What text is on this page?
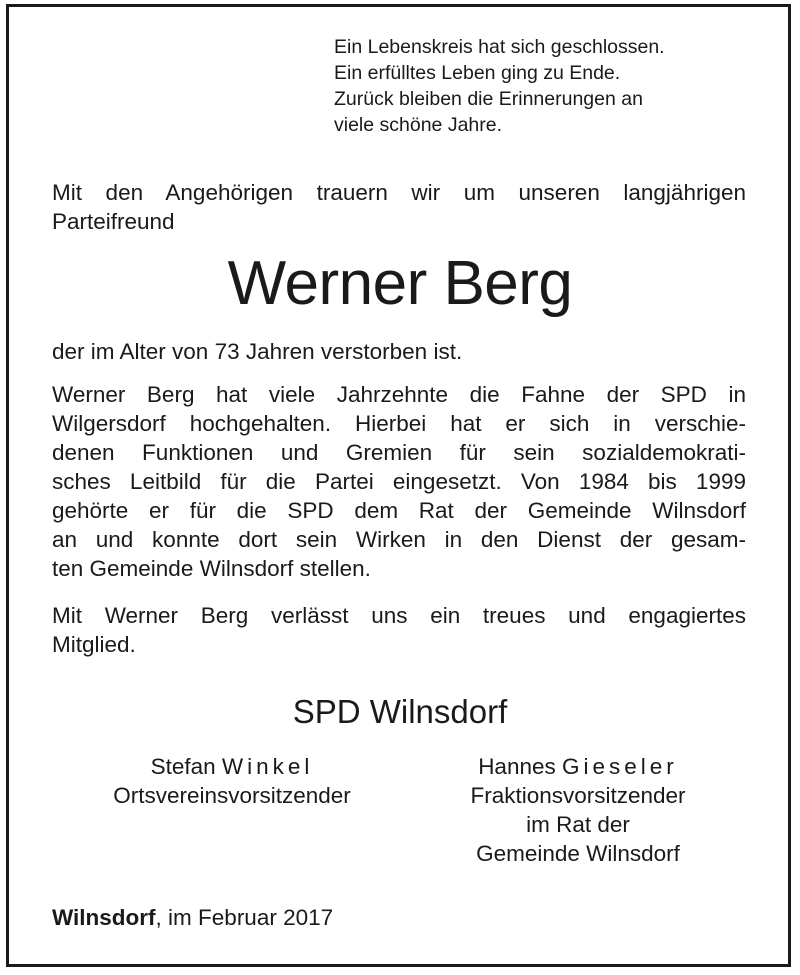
Ein Lebenskreis hat sich geschlossen.
Ein erfülltes Leben ging zu Ende.
Zurück bleiben die Erinnerungen an
viele schöne Jahre.
Mit den Angehörigen trauern wir um unseren langjährigen
Parteifreund
Werner Berg
der im Alter von 73 Jahren verstorben ist.
Werner Berg hat viele Jahrzehnte die Fahne der SPD in
Wilgersdorf hochgehalten. Hierbei hat er sich in verschie-
denen Funktionen und Gremien für sein sozialdemokrati-
sches Leitbild für die Partei eingesetzt. Von 1984 bis 1999
gehörte er für die SPD dem Rat der Gemeinde Wilnsdorf
an und konnte dort sein Wirken in den Dienst der gesam-
ten Gemeinde Wilnsdorf stellen.
Mit Werner Berg verlässt uns ein treues und engagiertes
Mitglied.
SPD Wilnsdorf
Stefan Winkel
Ortsvereinsvorsitzender
Hannes Gieseler
Fraktionsvorsitzender
im Rat der
Gemeinde Wilnsdorf
Wilnsdorf, im Februar 2017
